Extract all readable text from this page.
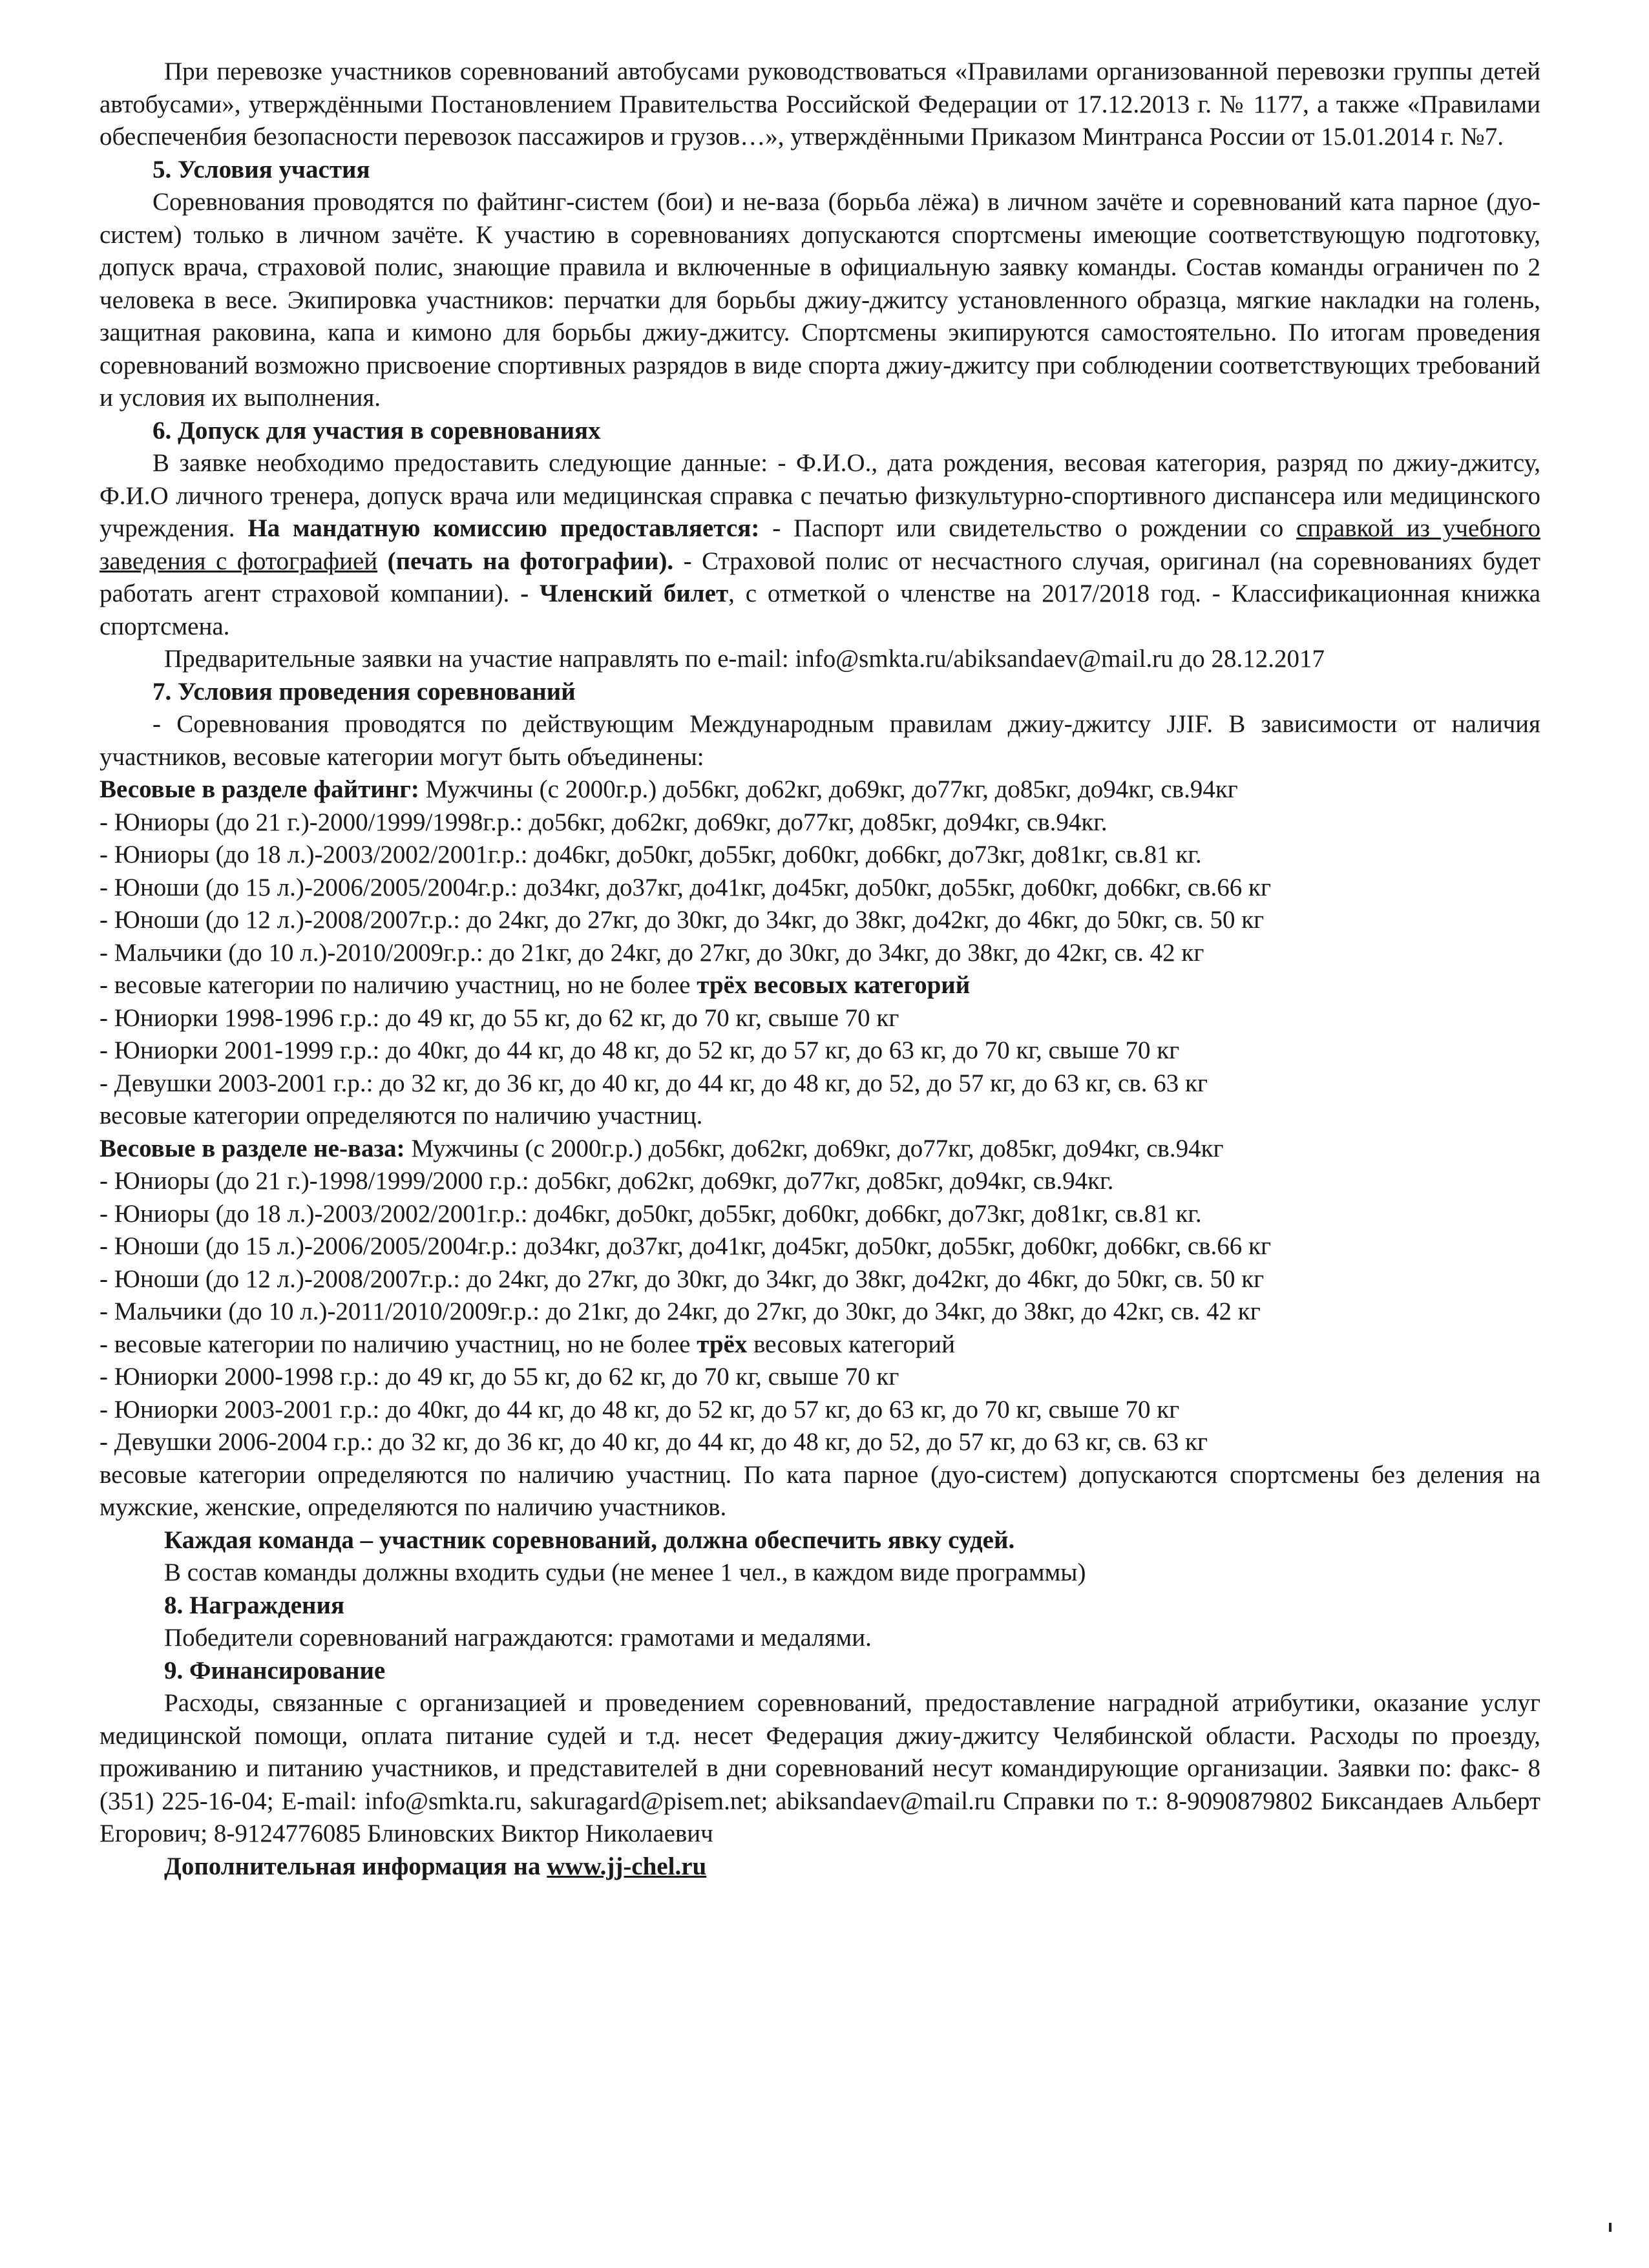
При перевозке участников соревнований автобусами руководствоваться «Правилами организованной перевозки группы детей автобусами», утверждёнными Постановлением Правительства Российской Федерации от 17.12.2013 г. № 1177, а также «Правилами обеспеченбия безопасности перевозок пассажиров и грузов…», утверждёнными Приказом Минтранса России от 15.01.2014 г. №7.

5. Условия участия

Соревнования проводятся по файтинг-систем (бои) и не-ваза (борьба лёжа) в личном зачёте и соревнований ката парное (дуо-систем) только в личном зачёте. К участию в соревнованиях допускаются спортсмены имеющие соответствующую подготовку, допуск врача, страховой полис, знающие правила и включенные в официальную заявку команды. Состав команды ограничен по 2 человека в весе. Экипировка участников: перчатки для борьбы джиу-джитсу установленного образца, мягкие накладки на голень, защитная раковина, капа и кимоно для борьбы джиу-джитсу. Спортсмены экипируются самостоятельно. По итогам проведения соревнований возможно присвоение спортивных разрядов в виде спорта джиу-джитсу при соблюдении соответствующих требований и условия их выполнения.

6. Допуск для участия в соревнованиях

В заявке необходимо предоставить следующие данные: - Ф.И.О., дата рождения, весовая категория, разряд по джиу-джитсу, Ф.И.О личного тренера, допуск врача или медицинская справка с печатью физкультурно-спортивного диспансера или медицинского учреждения. На мандатную комиссию предоставляется: - Паспорт или свидетельство о рождении со справкой из учебного заведения с фотографией (печать на фотографии). - Страховой полис от несчастного случая, оригинал (на соревнованиях будет работать агент страховой компании). - Членский билет, с отметкой о членстве на 2017/2018 год. - Классификационная книжка спортсмена.

Предварительные заявки на участие направлять по e-mail: info@smkta.ru/abiksandaev@mail.ru до 28.12.2017

7. Условия проведения соревнований

- Соревнования проводятся по действующим Международным правилам джиу-джитсу JJIF. В зависимости от наличия участников, весовые категории могут быть объединены:

Весовые в разделе файтинг: Мужчины (с 2000г.р.) до56кг, до62кг, до69кг, до77кг, до85кг, до94кг, св.94кг

- Юниоры (до 21 г.)-2000/1999/1998г.р.: до56кг, до62кг, до69кг, до77кг, до85кг, до94кг, св.94кг.

- Юниоры (до 18 л.)-2003/2002/2001г.р.: до46кг, до50кг, до55кг, до60кг, до66кг, до73кг, до81кг, св.81 кг.

- Юноши (до 15 л.)-2006/2005/2004г.р.: до34кг, до37кг, до41кг, до45кг, до50кг, до55кг, до60кг, до66кг, св.66 кг

- Юноши (до 12 л.)-2008/2007г.р.: до 24кг, до 27кг, до 30кг, до 34кг, до 38кг, до42кг, до 46кг, до 50кг, св. 50 кг

- Мальчики (до 10 л.)-2010/2009г.р.: до 21кг, до 24кг, до 27кг, до 30кг, до 34кг, до 38кг, до 42кг, св. 42 кг

- весовые категории по наличию участниц, но не более трёх весовых категорий

- Юниорки 1998-1996 г.р.: до 49 кг, до 55 кг, до 62 кг, до 70 кг, свыше 70 кг

- Юниорки 2001-1999 г.р.: до 40кг, до 44 кг, до 48 кг, до 52 кг, до 57 кг, до 63 кг, до 70 кг, свыше 70 кг

- Девушки 2003-2001 г.р.: до 32 кг, до 36 кг, до 40 кг, до 44 кг, до 48 кг, до 52, до 57 кг, до 63 кг, св. 63 кг

весовые категории определяются по наличию участниц.

Весовые в разделе не-ваза: Мужчины (с 2000г.р.) до56кг, до62кг, до69кг, до77кг, до85кг, до94кг, св.94кг

- Юниоры (до 21 г.)-1998/1999/2000 г.р.: до56кг, до62кг, до69кг, до77кг, до85кг, до94кг, св.94кг.

- Юниоры (до 18 л.)-2003/2002/2001г.р.: до46кг, до50кг, до55кг, до60кг, до66кг, до73кг, до81кг, св.81 кг.

- Юноши (до 15 л.)-2006/2005/2004г.р.: до34кг, до37кг, до41кг, до45кг, до50кг, до55кг, до60кг, до66кг, св.66 кг

- Юноши (до 12 л.)-2008/2007г.р.: до 24кг, до 27кг, до 30кг, до 34кг, до 38кг, до42кг, до 46кг, до 50кг, св. 50 кг

- Мальчики (до 10 л.)-2011/2010/2009г.р.: до 21кг, до 24кг, до 27кг, до 30кг, до 34кг, до 38кг, до 42кг, св. 42 кг

- весовые категории по наличию участниц, но не более трёх весовых категорий

- Юниорки 2000-1998 г.р.: до 49 кг, до 55 кг, до 62 кг, до 70 кг, свыше 70 кг

- Юниорки 2003-2001 г.р.: до 40кг, до 44 кг, до 48 кг, до 52 кг, до 57 кг, до 63 кг, до 70 кг, свыше 70 кг

- Девушки 2006-2004 г.р.: до 32 кг, до 36 кг, до 40 кг, до 44 кг, до 48 кг, до 52, до 57 кг, до 63 кг, св. 63 кг

весовые категории определяются по наличию участниц. По ката парное (дуо-систем) допускаются спортсмены без деления на мужские, женские, определяются по наличию участников.

Каждая команда – участник соревнований, должна обеспечить явку судей.

В состав команды должны входить судьи (не менее 1 чел., в каждом виде программы)

8. Награждения

Победители соревнований награждаются: грамотами и медалями.

9. Финансирование

Расходы, связанные с организацией и проведением соревнований, предоставление наградной атрибутики, оказание услуг медицинской помощи, оплата питание судей и т.д. несет Федерация джиу-джитсу Челябинской области. Расходы по проезду, проживанию и питанию участников, и представителей в дни соревнований несут командирующие организации. Заявки по: факс- 8 (351) 225-16-04; E-mail: info@smkta.ru, sakuragard@pisem.net; abiksandaev@mail.ru Справки по т.: 8-9090879802 Биксандаев Альберт Егорович; 8-9124776085 Блиновских Виктор Николаевич

Дополнительная информация на www.jj-chel.ru
